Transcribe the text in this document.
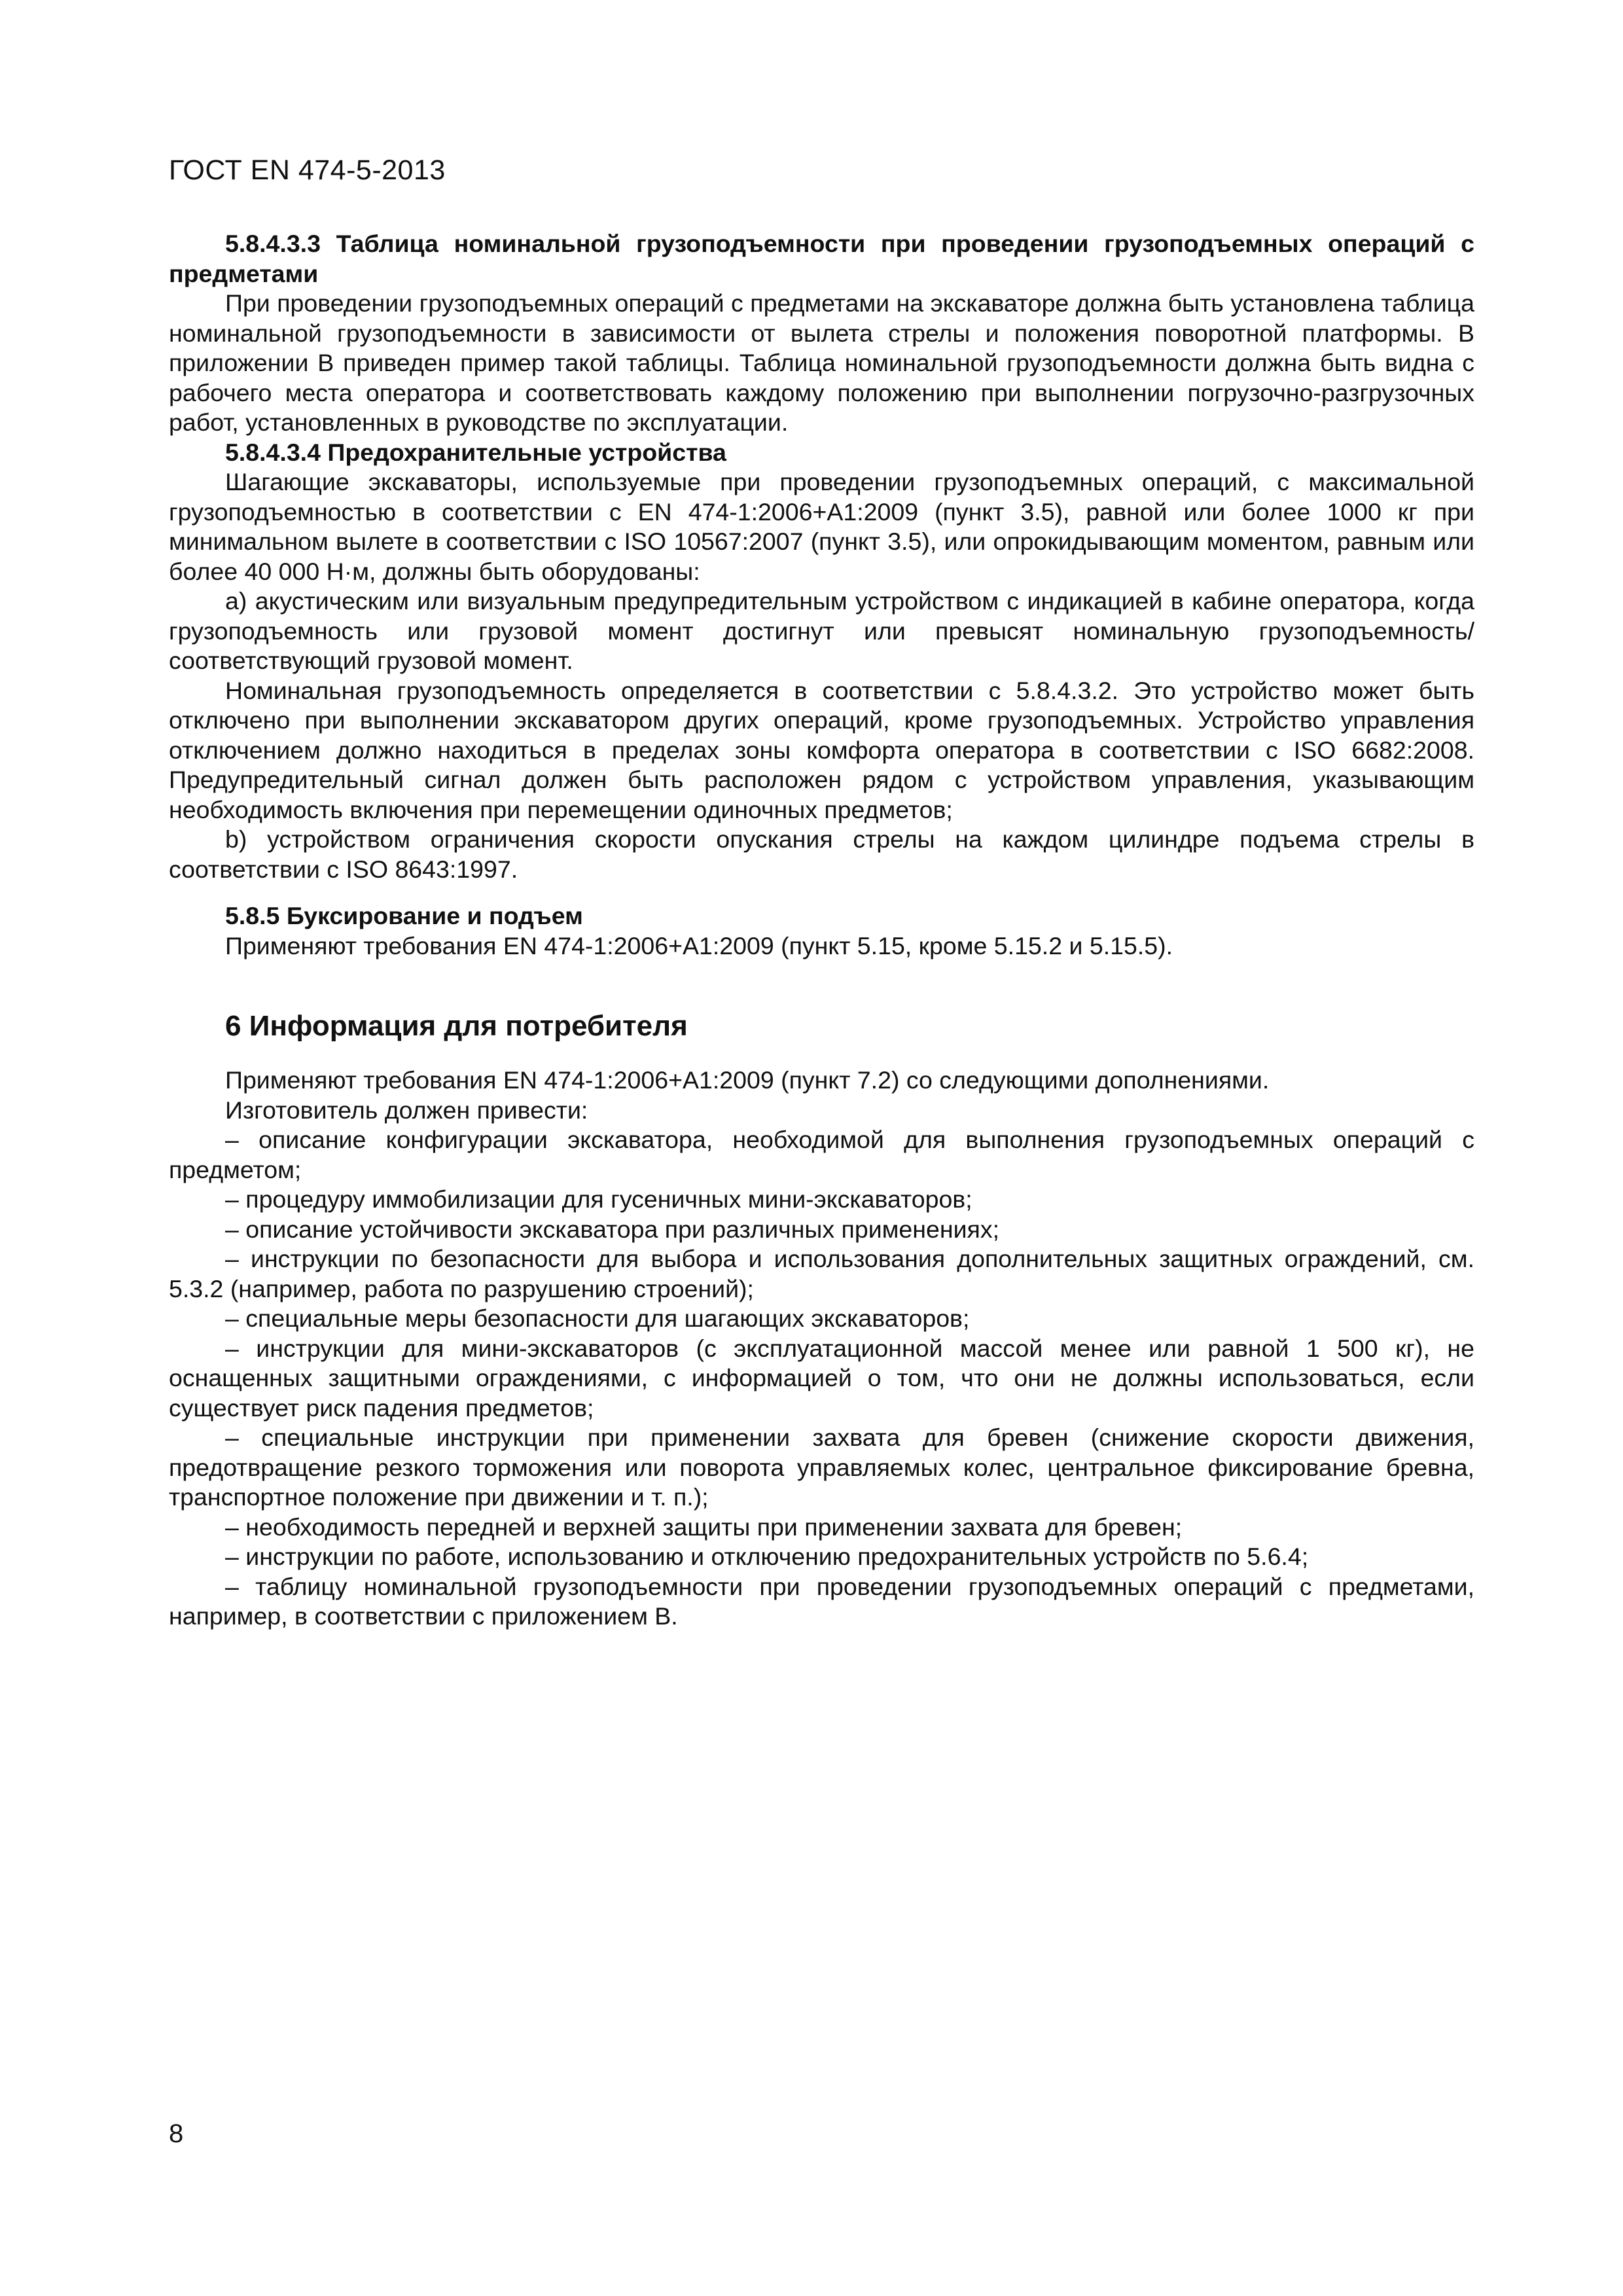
ГОСТ EN 474-5-2013

5.8.4.3.3 Таблица номинальной грузоподъемности при проведении грузоподъемных операций с предметами

При проведении грузоподъемных операций с предметами на экскаваторе должна быть установлена таблица номинальной грузоподъемности в зависимости от вылета стрелы и положения поворотной платформы. В приложении В приведен пример такой таблицы. Таблица номинальной грузоподъемности должна быть видна с рабочего места оператора и соответствовать каждому положению при выполнении погрузочно-разгрузочных работ, установленных в руководстве по эксплуатации.

5.8.4.3.4 Предохранительные устройства

Шагающие экскаваторы, используемые при проведении грузоподъемных операций, с максимальной грузоподъемностью в соответствии с EN 474-1:2006+A1:2009 (пункт 3.5), равной или более 1000 кг при минимальном вылете в соответствии с ISO 10567:2007 (пункт 3.5), или опрокидывающим моментом, равным или более 40 000 Н·м, должны быть оборудованы:

a) акустическим или визуальным предупредительным устройством с индикацией в кабине оператора, когда грузоподъемность или грузовой момент достигнут или превысят номинальную грузоподъемность/соответствующий грузовой момент.

Номинальная грузоподъемность определяется в соответствии с 5.8.4.3.2. Это устройство может быть отключено при выполнении экскаватором других операций, кроме грузоподъемных. Устройство управления отключением должно находиться в пределах зоны комфорта оператора в соответствии с ISO 6682:2008. Предупредительный сигнал должен быть расположен рядом с устройством управления, указывающим необходимость включения при перемещении одиночных предметов;

b) устройством ограничения скорости опускания стрелы на каждом цилиндре подъема стрелы в соответствии с ISO 8643:1997.

5.8.5 Буксирование и подъем

Применяют требования EN 474-1:2006+A1:2009 (пункт 5.15, кроме 5.15.2 и 5.15.5).

6 Информация для потребителя

Применяют требования EN 474-1:2006+A1:2009 (пункт 7.2) со следующими дополнениями.

Изготовитель должен привести:

– описание конфигурации экскаватора, необходимой для выполнения грузоподъемных операций с предметом;

– процедуру иммобилизации для гусеничных мини-экскаваторов;

– описание устойчивости экскаватора при различных применениях;

– инструкции по безопасности для выбора и использования дополнительных защитных ограждений, см. 5.3.2 (например, работа по разрушению строений);

– специальные меры безопасности для шагающих экскаваторов;

– инструкции для мини-экскаваторов (с эксплуатационной массой менее или равной 1 500 кг), не оснащенных защитными ограждениями, с информацией о том, что они не должны использоваться, если существует риск падения предметов;

– специальные инструкции при применении захвата для бревен (снижение скорости движения, предотвращение резкого торможения или поворота управляемых колес, центральное фиксирование бревна, транспортное положение при движении и т. п.);

– необходимость передней и верхней защиты при применении захвата для бревен;

– инструкции по работе, использованию и отключению предохранительных устройств по 5.6.4;

– таблицу номинальной грузоподъемности при проведении грузоподъемных операций с предметами, например, в соответствии с приложением В.

8
